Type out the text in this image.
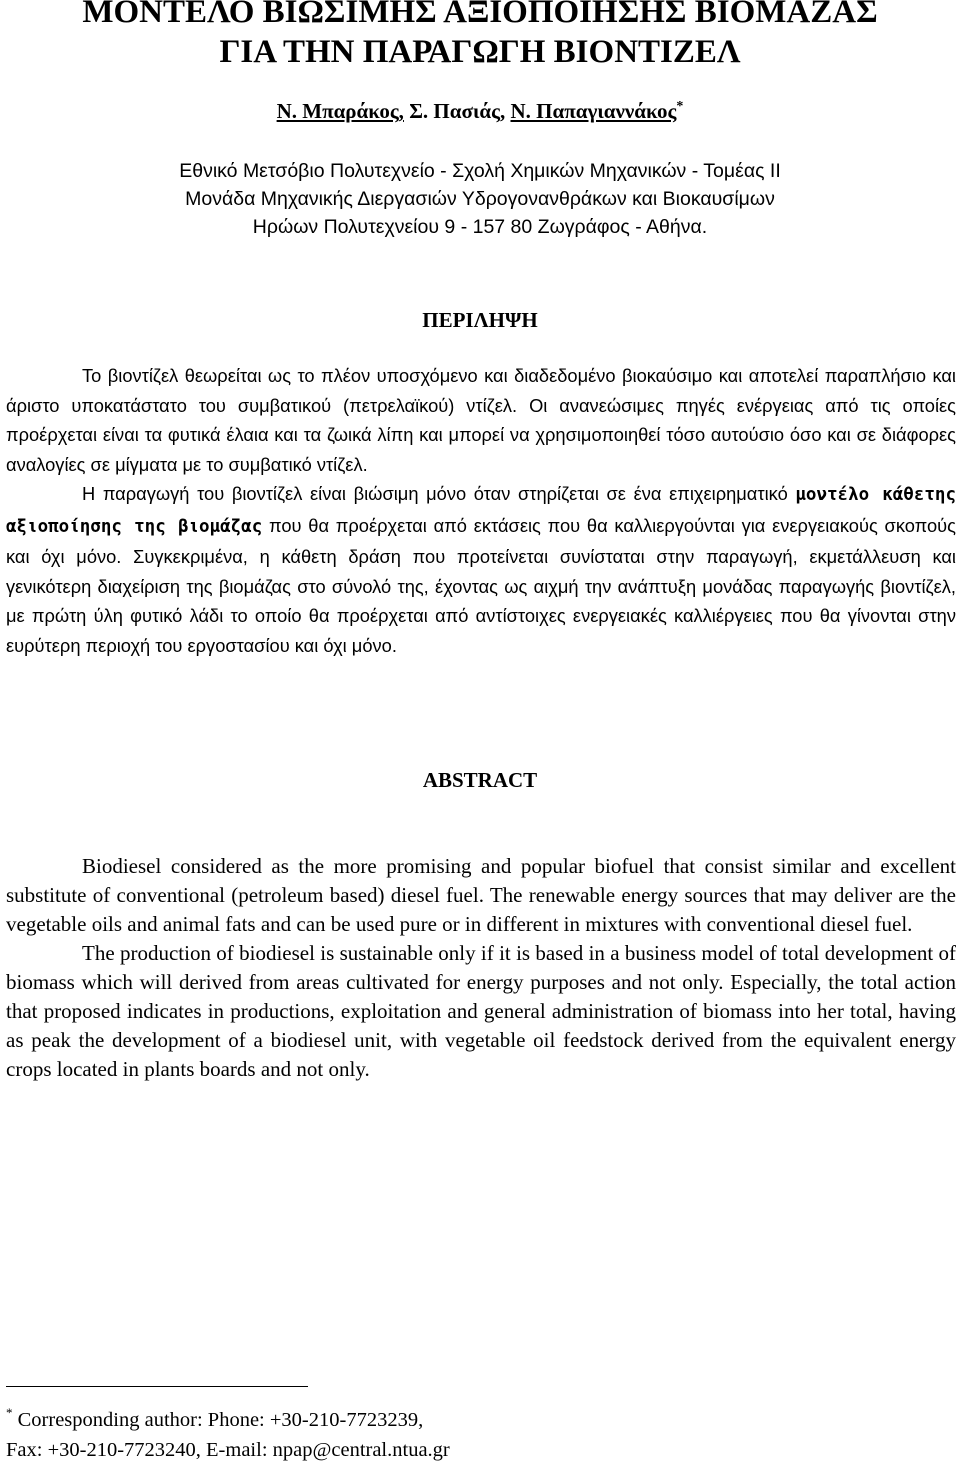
ΜΟΝΤΕΛΟ ΒΙΩΣΙΜΗΣ ΑΞΙΟΠΟΙΗΣΗΣ ΒΙΟΜΑΖΑΣ
ΓΙΑ ΤΗΝ ΠΑΡΑΓΩΓΗ ΒΙΟΝΤΙΖΕΛ
Ν. Μπαράκος, Σ. Πασιάς, Ν. Παπαγιαννάκος*
Εθνικό Μετσόβιο Πολυτεχνείο - Σχολή Χημικών Μηχανικών - Τομέας ΙΙ
Μονάδα Μηχανικής Διεργασιών Υδρογονανθράκων και Βιοκαυσίμων
Ηρώων Πολυτεχνείου 9 - 157 80 Ζωγράφος - Αθήνα.
ΠΕΡΙΛΗΨΗ

Το βιοντίζελ θεωρείται ως το πλέον υποσχόμενο και διαδεδομένο βιοκαύσιμο και αποτελεί παραπλήσιο και άριστο υποκατάστατο του συμβατικού (πετρελαϊκού) ντίζελ. Οι ανανεώσιμες πηγές ενέργειας από τις οποίες προέρχεται είναι τα φυτικά έλαια και τα ζωικά λίπη και μπορεί να χρησιμοποιηθεί τόσο αυτούσιο όσο και σε διάφορες αναλογίες σε μίγματα με το συμβατικό ντίζελ.

Η παραγωγή του βιοντίζελ είναι βιώσιμη μόνο όταν στηρίζεται σε ένα επιχειρηματικό μοντέλο κάθετης αξιοποίησης της βιομάζας που θα προέρχεται από εκτάσεις που θα καλλιεργούνται για ενεργειακούς σκοπούς και όχι μόνο. Συγκεκριμένα, η κάθετη δράση που προτείνεται συνίσταται στην παραγωγή, εκμετάλλευση και γενικότερη διαχείριση της βιομάζας στο σύνολό της, έχοντας ως αιχμή την ανάπτυξη μονάδας παραγωγής βιοντίζελ, με πρώτη ύλη φυτικό λάδι το οποίο θα προέρχεται από αντίστοιχες ενεργειακές καλλιέργειες που θα γίνονται στην ευρύτερη περιοχή του εργοστασίου και όχι μόνο.

ABSTRACT

Biodiesel considered as the more promising and popular biofuel that consist similar and excellent substitute of conventional (petroleum based) diesel fuel. The renewable energy sources that may deliver are the vegetable oils and animal fats and can be used pure or in different in mixtures with conventional diesel fuel.

The production of biodiesel is sustainable only if it is based in a business model of total development of biomass which will derived from areas cultivated for energy purposes and not only. Especially, the total action that proposed indicates in productions, exploitation and general administration of biomass into her total, having as peak the development of a biodiesel unit, with vegetable oil feedstock derived from the equivalent energy crops located in plants boards and not only.

* Corresponding author: Phone: +30-210-7723239,
Fax: +30-210-7723240, E-mail: npap@central.ntua.gr
